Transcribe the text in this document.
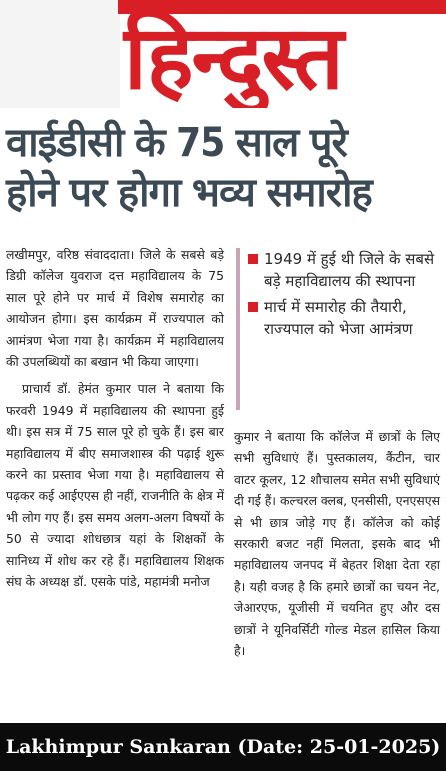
हिन्दुस्त
वाईडीसी के 75 साल पूरे
होने पर होगा भव्य समारोह

लखीमपुर, वरिष्ठ संवाददाता। जिले के सबसे बड़े डिग्री कॉलेज युवराज दत्त महाविद्यालय के 75 साल पूरे होने पर मार्च में विशेष समारोह का आयोजन होगा। इस कार्यक्रम में राज्यपाल को आमंत्रण भेजा गया है। कार्यक्रम में महाविद्यालय की उपलब्धियों का बखान भी किया जाएगा।

प्राचार्य डॉ. हेमंत कुमार पाल ने बताया कि फरवरी 1949 में महाविद्यालय की स्थापना हुई थी। इस सत्र में 75 साल पूरे हो चुके हैं। इस बार महाविद्यालय में बीए समाजशास्त्र की पढ़ाई शुरू करने का प्रस्ताव भेजा गया है। महाविद्यालय से पढ़कर कई आईएएस ही नहीं, राजनीति के क्षेत्र में भी लोग गए हैं। इस समय अलग-अलग विषयों के 50 से ज्यादा शोधछात्र यहां के शिक्षकों के सानिध्य में शोध कर रहे हैं। महाविद्यालय शिक्षक संघ के अध्यक्ष डॉ. एसके पांडे, महामंत्री मनोज

1949 में हुई थी जिले के सबसे बड़े महाविद्यालय की स्थापना
मार्च में समारोह की तैयारी, राज्यपाल को भेजा आमंत्रण

कुमार ने बताया कि कॉलेज में छात्रों के लिए सभी सुविधाएं हैं। पुस्तकालय, कैंटीन, चार वाटर कूलर, 12 शौचालय समेत सभी सुविधाएं दी गई हैं। कल्चरल क्लब, एनसीसी, एनएसएस से भी छात्र जोड़े गए हैं। कॉलेज को कोई सरकारी बजट नहीं मिलता, इसके बाद भी महाविद्यालय जनपद में बेहतर शिक्षा देता रहा है। यही वजह है कि हमारे छात्रों का चयन नेट, जेआरएफ, यूजीसी में चयनित हुए और दस छात्रों ने यूनिवर्सिटी गोल्ड मेडल हासिल किया है।

Lakhimpur Sankaran (Date: 25-01-2025)
